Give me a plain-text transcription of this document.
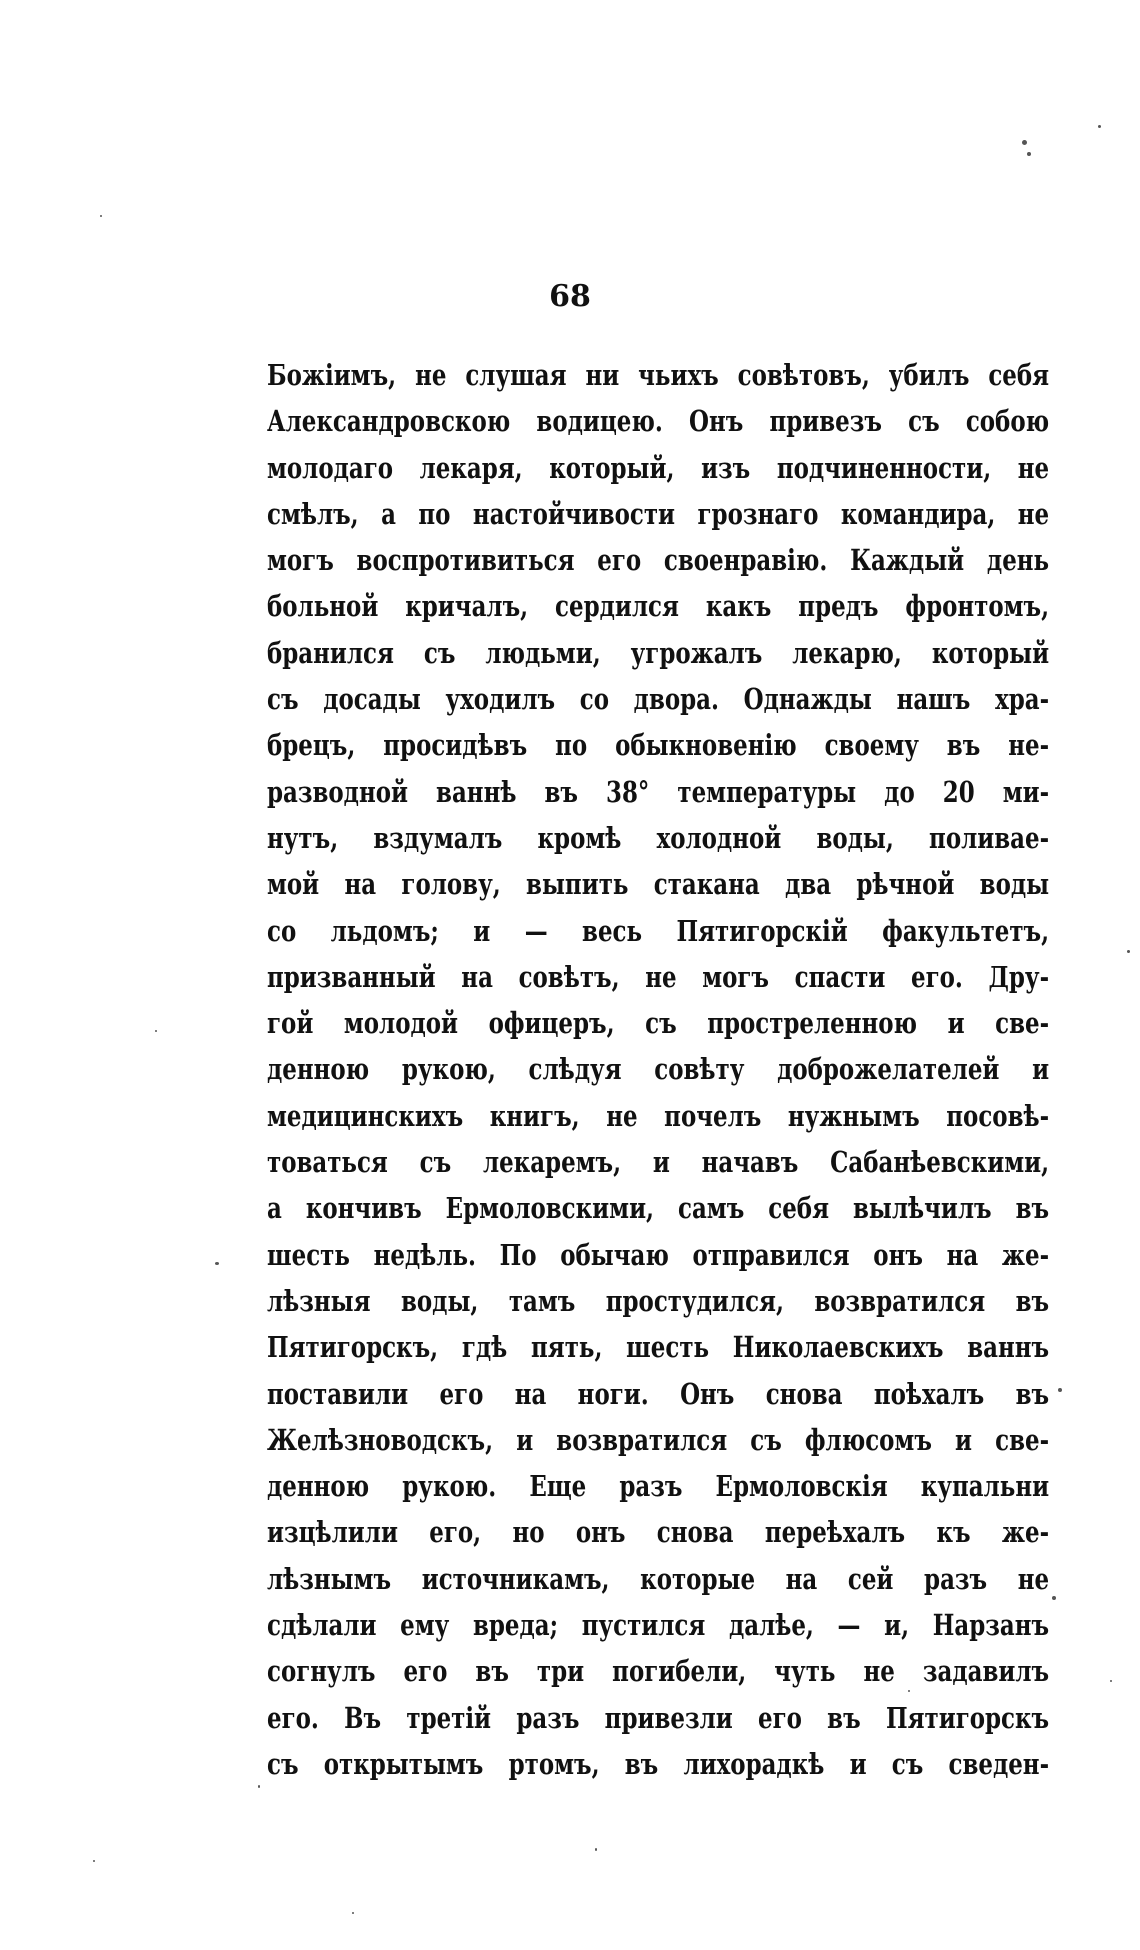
68
Божіимъ, не слушая ни чьихъ совѣтовъ, убилъ себя
Александровскою водицею. Онъ привезъ съ собою
молодаго лекаря, который, изъ подчиненности, не
смѣлъ, а по настойчивости грознаго командира, не
могъ воспротивиться его своенравію. Каждый день
больной кричалъ, сердился какъ предъ фронтомъ,
бранился съ людьми, угрожалъ лекарю, который
съ досады уходилъ со двора. Однажды нашъ хра-
брецъ, просидѣвъ по обыкновенію своему въ не-
разводной ваннѣ въ 38° температуры до 20 ми-
нутъ, вздумалъ кромѣ холодной воды, поливае-
мой на голову, выпить стакана два рѣчной воды
со льдомъ; и — весь Пятигорскій факультетъ,
призванный на совѣтъ, не могъ спасти его. Дру-
гой молодой офицеръ, съ простреленною и све-
денною рукою, слѣдуя совѣту доброжелателей и
медицинскихъ книгъ, не почелъ нужнымъ посовѣ-
товаться съ лекаремъ, и начавъ Сабанѣевскими,
а кончивъ Ермоловскими, самъ себя вылѣчилъ въ
шесть недѣль. По обычаю отправился онъ на же-
лѣзныя воды, тамъ простудился, возвратился въ
Пятигорскъ, гдѣ пять, шесть Николаевскихъ ваннъ
поставили его на ноги. Онъ снова поѣхалъ въ
Желѣзноводскъ, и возвратился съ флюсомъ и све-
денною рукою. Еще разъ Ермоловскія купальни
изцѣлили его, но онъ снова переѣхалъ къ же-
лѣзнымъ источникамъ, которые на сей разъ не
сдѣлали ему вреда; пустился далѣе, — и, Нарзанъ
согнулъ его въ три погибели, чуть не задавилъ
его. Въ третій разъ привезли его въ Пятигорскъ
съ открытымъ ртомъ, въ лихорадкѣ и съ сведен-
